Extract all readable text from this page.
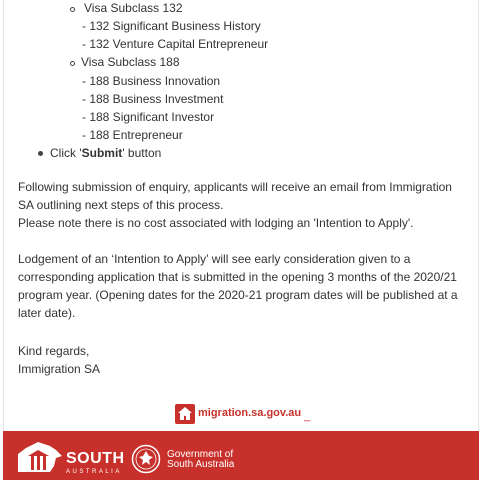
Visa Subclass 132
- 132 Significant Business History
- 132 Venture Capital Entrepreneur
Visa Subclass 188
- 188 Business Innovation
- 188 Business Investment
- 188 Significant Investor
- 188 Entrepreneur
Click 'Submit' button
Following submission of enquiry, applicants will receive an email from Immigration
SA outlining next steps of this process.
Please note there is no cost associated with lodging an 'Intention to Apply'.
Lodgement of an ‘Intention to Apply’ will see early consideration given to a corresponding application that is submitted in the opening 3 months of the 2020/21 program year. (Opening dates for the 2020-21 program dates will be published at a later date).
Kind regards,
Immigration SA
migration.sa.gov.au _
SOUTH
AUSTRALIA
Government of
South Australia
